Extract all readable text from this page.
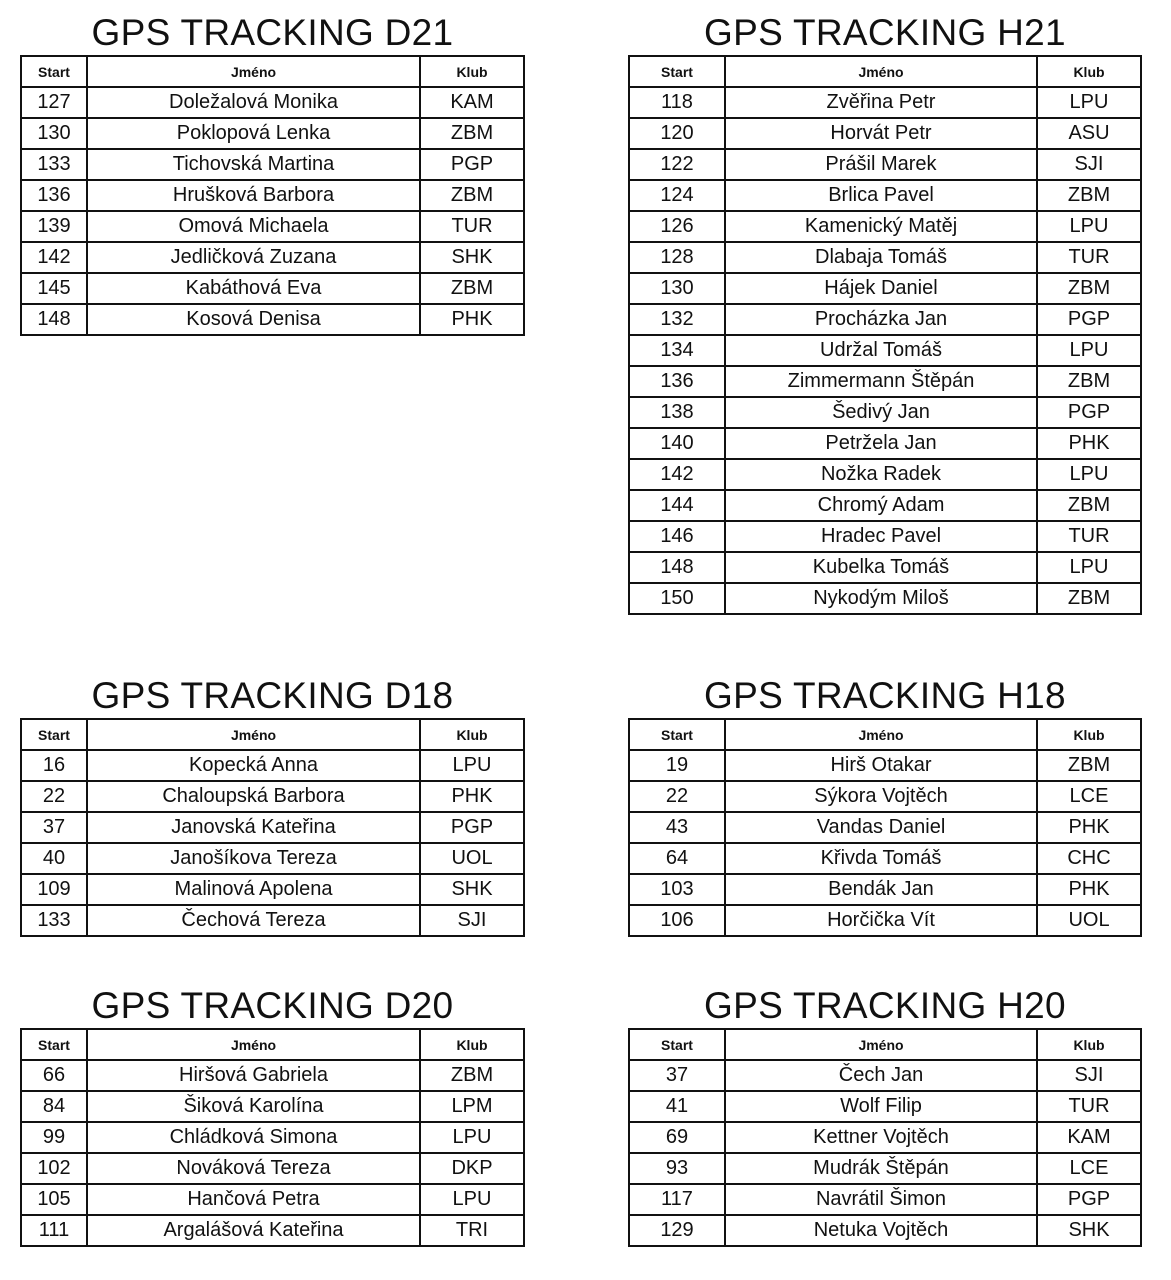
GPS TRACKING D21
Start	Jméno	Klub
127	Doležalová Monika	KAM
130	Poklopová Lenka	ZBM
133	Tichovská Martina	PGP
136	Hrušková Barbora	ZBM
139	Omová Michaela	TUR
142	Jedličková Zuzana	SHK
145	Kabáthová Eva	ZBM
148	Kosová Denisa	PHK
GPS TRACKING H21
Start	Jméno	Klub
118	Zvěřina Petr	LPU
120	Horvát Petr	ASU
122	Prášil Marek	SJI
124	Brlica Pavel	ZBM
126	Kamenický Matěj	LPU
128	Dlabaja Tomáš	TUR
130	Hájek Daniel	ZBM
132	Procházka Jan	PGP
134	Udržal Tomáš	LPU
136	Zimmermann Štěpán	ZBM
138	Šedivý Jan	PGP
140	Petržela Jan	PHK
142	Nožka Radek	LPU
144	Chromý Adam	ZBM
146	Hradec Pavel	TUR
148	Kubelka Tomáš	LPU
150	Nykodým Miloš	ZBM
GPS TRACKING D18
Start	Jméno	Klub
16	Kopecká Anna	LPU
22	Chaloupská Barbora	PHK
37	Janovská Kateřina	PGP
40	Janošíkova Tereza	UOL
109	Malinová Apolena	SHK
133	Čechová Tereza	SJI
GPS TRACKING H18
Start	Jméno	Klub
19	Hirš Otakar	ZBM
22	Sýkora Vojtěch	LCE
43	Vandas Daniel	PHK
64	Křivda Tomáš	CHC
103	Bendák Jan	PHK
106	Horčička Vít	UOL
GPS TRACKING D20
Start	Jméno	Klub
66	Hiršová Gabriela	ZBM
84	Šiková Karolína	LPM
99	Chládková Simona	LPU
102	Nováková Tereza	DKP
105	Hančová Petra	LPU
111	Argalášová Kateřina	TRI
GPS TRACKING H20
Start	Jméno	Klub
37	Čech Jan	SJI
41	Wolf Filip	TUR
69	Kettner Vojtěch	KAM
93	Mudrák Štěpán	LCE
117	Navrátil Šimon	PGP
129	Netuka Vojtěch	SHK
